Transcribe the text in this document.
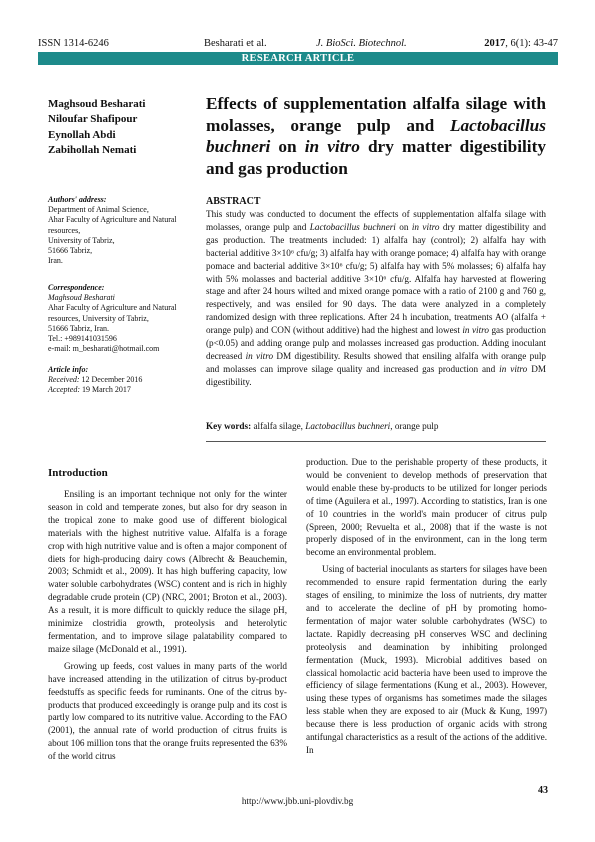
ISSN 1314-6246	Besharati et al.	J. BioSci. Biotechnol.	2017, 6(1): 43-47
RESEARCH ARTICLE
Maghsoud Besharati
Niloufar Shafipour
Eynollah Abdi
Zabihollah Nemati
Effects of supplementation alfalfa silage with molasses, orange pulp and Lactobacillus buchneri on in vitro dry matter digestibility and gas production
Authors' address:
Department of Animal Science,
Ahar Faculty of Agriculture and Natural resources,
University of Tabriz,
51666 Tabriz,
Iran.
Correspondence:
Maghsoud Besharati
Ahar Faculty of Agriculture and Natural resources, University of Tabriz,
51666 Tabriz, Iran.
Tel.: +989141031596
e-mail: m_besharati@hotmail.com
Article info:
Received: 12 December 2016
Accepted: 19 March 2017
ABSTRACT

This study was conducted to document the effects of supplementation alfalfa silage with molasses, orange pulp and Lactobacillus buchneri on in vitro dry matter digestibility and gas production. The treatments included: 1) alfalfa hay (control); 2) alfalfa hay with bacterial additive 3×10⁶ cfu/g; 3) alfalfa hay with orange pomace; 4) alfalfa hay with orange pomace and bacterial additive 3×10⁶ cfu/g; 5) alfalfa hay with 5% molasses; 6) alfalfa hay with 5% molasses and bacterial additive 3×10⁶ cfu/g. Alfalfa hay harvested at flowering stage and after 24 hours wilted and mixed orange pomace with a ratio of 2100 g and 760 g, respectively, and was ensiled for 90 days. The data were analyzed in a completely randomized design with three replications. After 24 h incubation, treatments AO (alfalfa + orange pulp) and CON (without additive) had the highest and lowest in vitro gas production (p<0.05) and adding orange pulp and molasses increased gas production. Adding inoculant decreased in vitro DM digestibility. Results showed that ensiling alfalfa with orange pulp and molasses can improve silage quality and increased gas production and in vitro DM digestibility.

Key words: alfalfa silage, Lactobacillus buchneri, orange pulp
Introduction

Ensiling is an important technique not only for the winter season in cold and temperate zones, but also for dry season in the tropical zone to make good use of different biological materials with the highest nutritive value. Alfalfa is a forage crop with high nutritive value and is often a major component of diets for high-producing dairy cows (Albrecht & Beauchemin, 2003; Schmidt et al., 2009). It has high buffering capacity, low water soluble carbohydrates (WSC) content and is rich in highly degradable crude protein (CP) (NRC, 2001; Broton et al., 2003). As a result, it is more difficult to quickly reduce the silage pH, minimize clostridia growth, proteolysis and heterolytic fermentation, and to improve silage palatability compared to maize silage (McDonald et al., 1991).

Growing up feeds, cost values in many parts of the world have increased attending in the utilization of citrus by-product feedstuffs as specific feeds for ruminants. One of the citrus by-products that produced exceedingly is orange pulp and its cost is partly low compared to its nutritive value. According to the FAO (2001), the annual rate of world production of citrus fruits is about 106 million tons that the orange fruits represented the 63% of the world citrus

production. Due to the perishable property of these products, it would be convenient to develop methods of preservation that would enable these by-products to be utilized for longer periods of time (Aguilera et al., 1997). According to statistics, Iran is one of 10 countries in the world's main producer of citrus pulp (Spreen, 2000; Revuelta et al., 2008) that if the waste is not properly disposed of in the environment, can in the long term become an environmental problem.

Using of bacterial inoculants as starters for silages have been recommended to ensure rapid fermentation during the early stages of ensiling, to minimize the loss of nutrients, dry matter and to accelerate the decline of pH by promoting homo-fermentation of major water soluble carbohydrates (WSC) to lactate. Rapidly decreasing pH conserves WSC and declining proteolysis and deamination by inhibiting prolonged fermentation (Muck, 1993). Microbial additives based on classical homolactic acid bacteria have been used to improve the efficiency of silage fermentations (Kung et al., 2003). However, using these types of organisms has sometimes made the silages less stable when they are exposed to air (Muck & Kung, 1997) because there is less production of organic acids with strong antifungal characteristics as a result of the actions of the additive. In

43
http://www.jbb.uni-plovdiv.bg
